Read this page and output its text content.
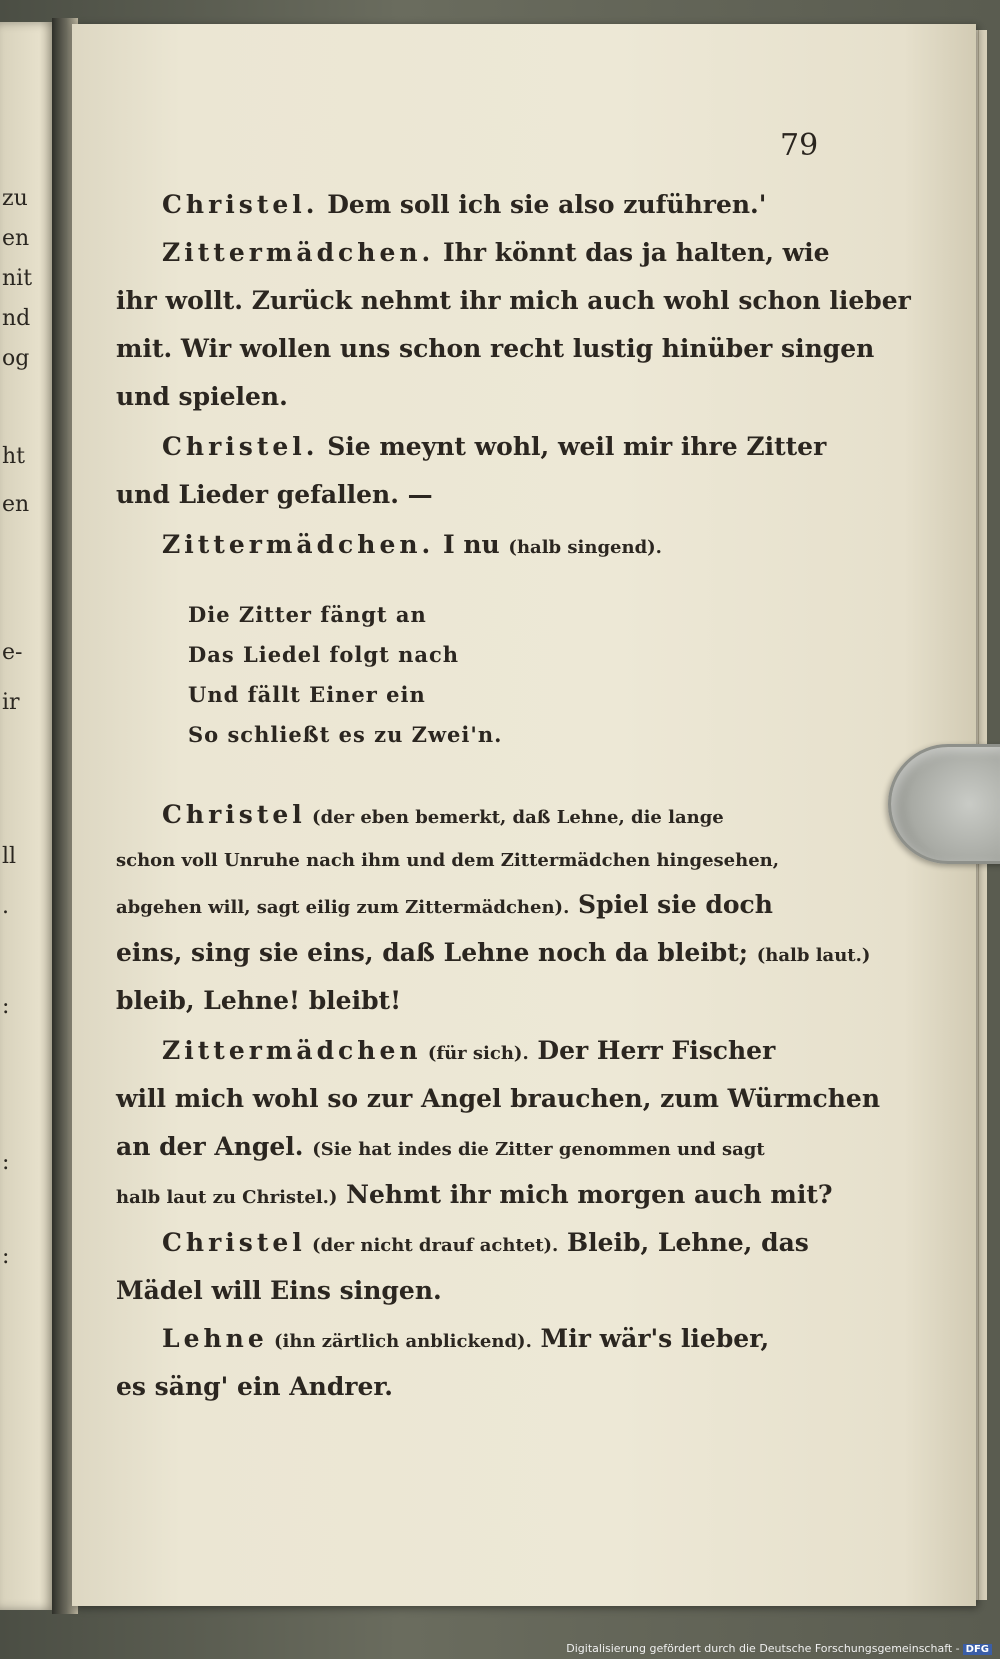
zu
en
nit
nd
og
ht
en
e-
ir
ll
.
:
:
:
79
Christel. Dem soll ich sie also zuführen.'
Zittermädchen. Ihr könnt das ja halten, wie
ihr wollt. Zurück nehmt ihr mich auch wohl schon lieber
mit. Wir wollen uns schon recht lustig hinüber singen
und spielen.
Christel. Sie meynt wohl, weil mir ihre Zitter
und Lieder gefallen. —
Zittermädchen. I nu (halb singend).
Die Zitter fängt an
Das Liedel folgt nach
Und fällt Einer ein
So schließt es zu Zwei'n.
Christel (der eben bemerkt, daß Lehne, die lange
schon voll Unruhe nach ihm und dem Zittermädchen hingesehen,
abgehen will, sagt eilig zum Zittermädchen). Spiel sie doch
eins, sing sie eins, daß Lehne noch da bleibt; (halb laut.)
bleib, Lehne! bleibt!
Zittermädchen (für sich). Der Herr Fischer
will mich wohl so zur Angel brauchen, zum Würmchen
an der Angel. (Sie hat indes die Zitter genommen und sagt
halb laut zu Christel.) Nehmt ihr mich morgen auch mit?
Christel (der nicht drauf achtet). Bleib, Lehne, das
Mädel will Eins singen.
Lehne (ihn zärtlich anblickend). Mir wär's lieber,
es säng' ein Andrer.
Digitalisierung gefördert durch die Deutsche Forschungsgemeinschaft - DFG
